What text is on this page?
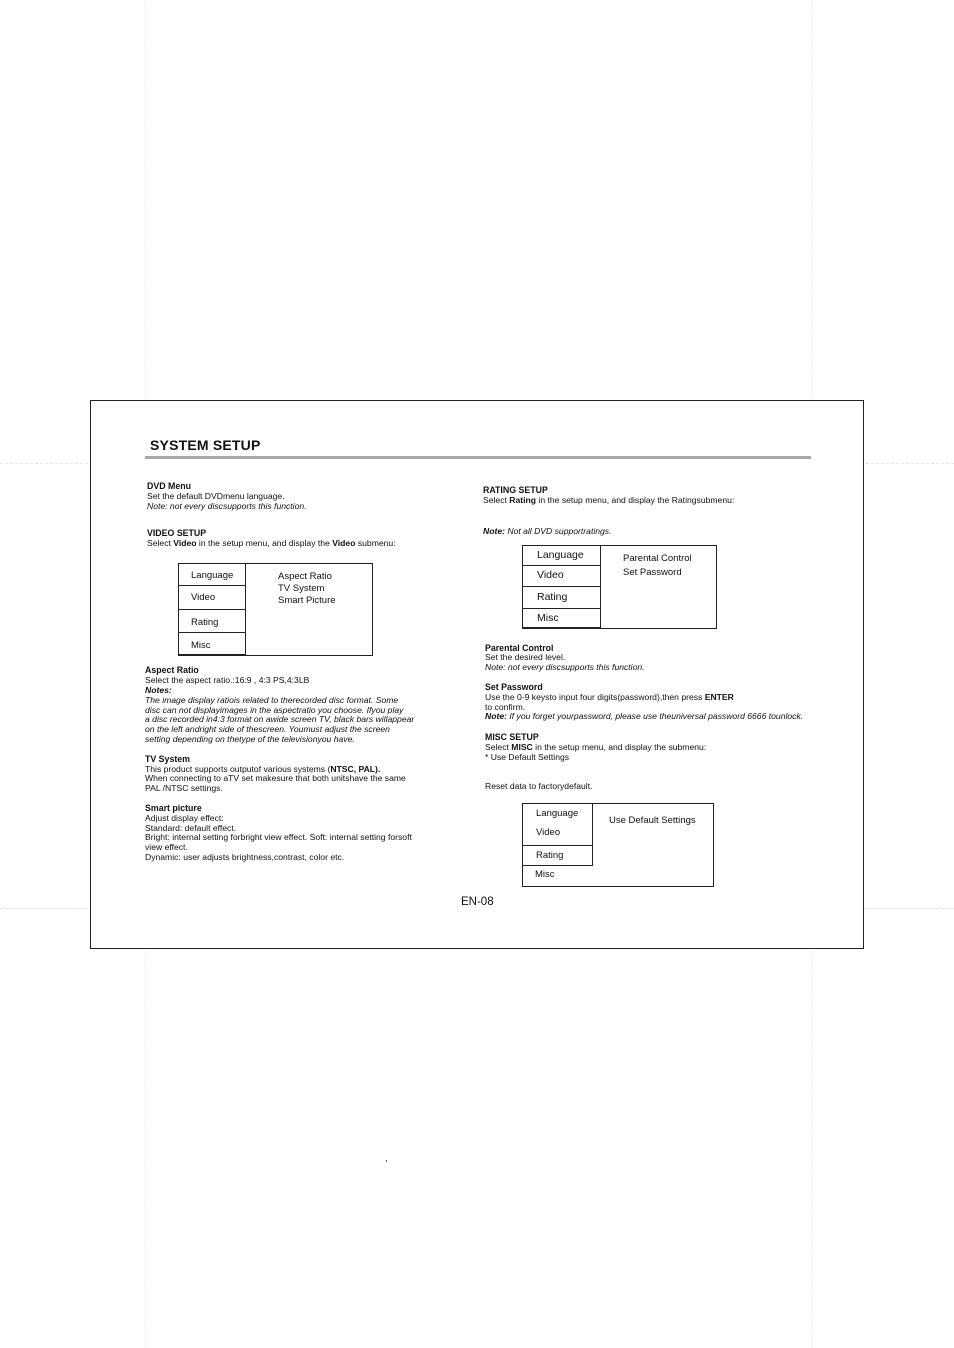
SYSTEM SETUP
DVD Menu
Set the default DVDmenu language.
Note: not every discsupports this function.
VIDEO SETUP
Select Video in the setup menu, and display the Video submenu:
Language
Video
Rating
Misc
Aspect Ratio
TV System
Smart Picture
Aspect Ratio
Select the aspect ratio.:16:9 , 4:3 PS,4:3LB
Notes:
The image display ratiois related to therecorded disc format. Some
disc can not displayimages in the aspectratio you choose. Ifyou play
a disc recorded in4:3 format on awide screen TV, black bars willappear
on the left andright side of thescreen. Youmust adjust the screen
setting depending on thetype of the televisionyou have.
TV System
This product supports outputof various systems (NTSC, PAL).
When connecting to aTV set makesure that both unitshave the same
PAL /NTSC settings.
Smart picture
Adjust display effect:
Standard: default effect.
Bright: internal setting forbright view effect. Soft: internal setting forsoft
view effect.
Dynamic: user adjusts brightness,contrast, color etc.
RATING SETUP
Select Rating in the setup menu, and display the Ratingsubmenu:
Note: Not all DVD supportratings.
Language
Video
Rating
Misc
Parental Control
Set Password
Parental Control
Set the desired level.
Note: not every discsupports this function.
Set Password
Use the 0-9 keysto input four digits(password),then press ENTER
to confirm.
Note: If you forget yourpassword, please use theuniversal password 6666 tounlock.
MISC SETUP
Select MISC in the setup menu, and display the submenu:
* Use Default Settings
Reset data to factorydefault.
Language
Video
Rating
Misc
Use Default Settings
EN-08
,
